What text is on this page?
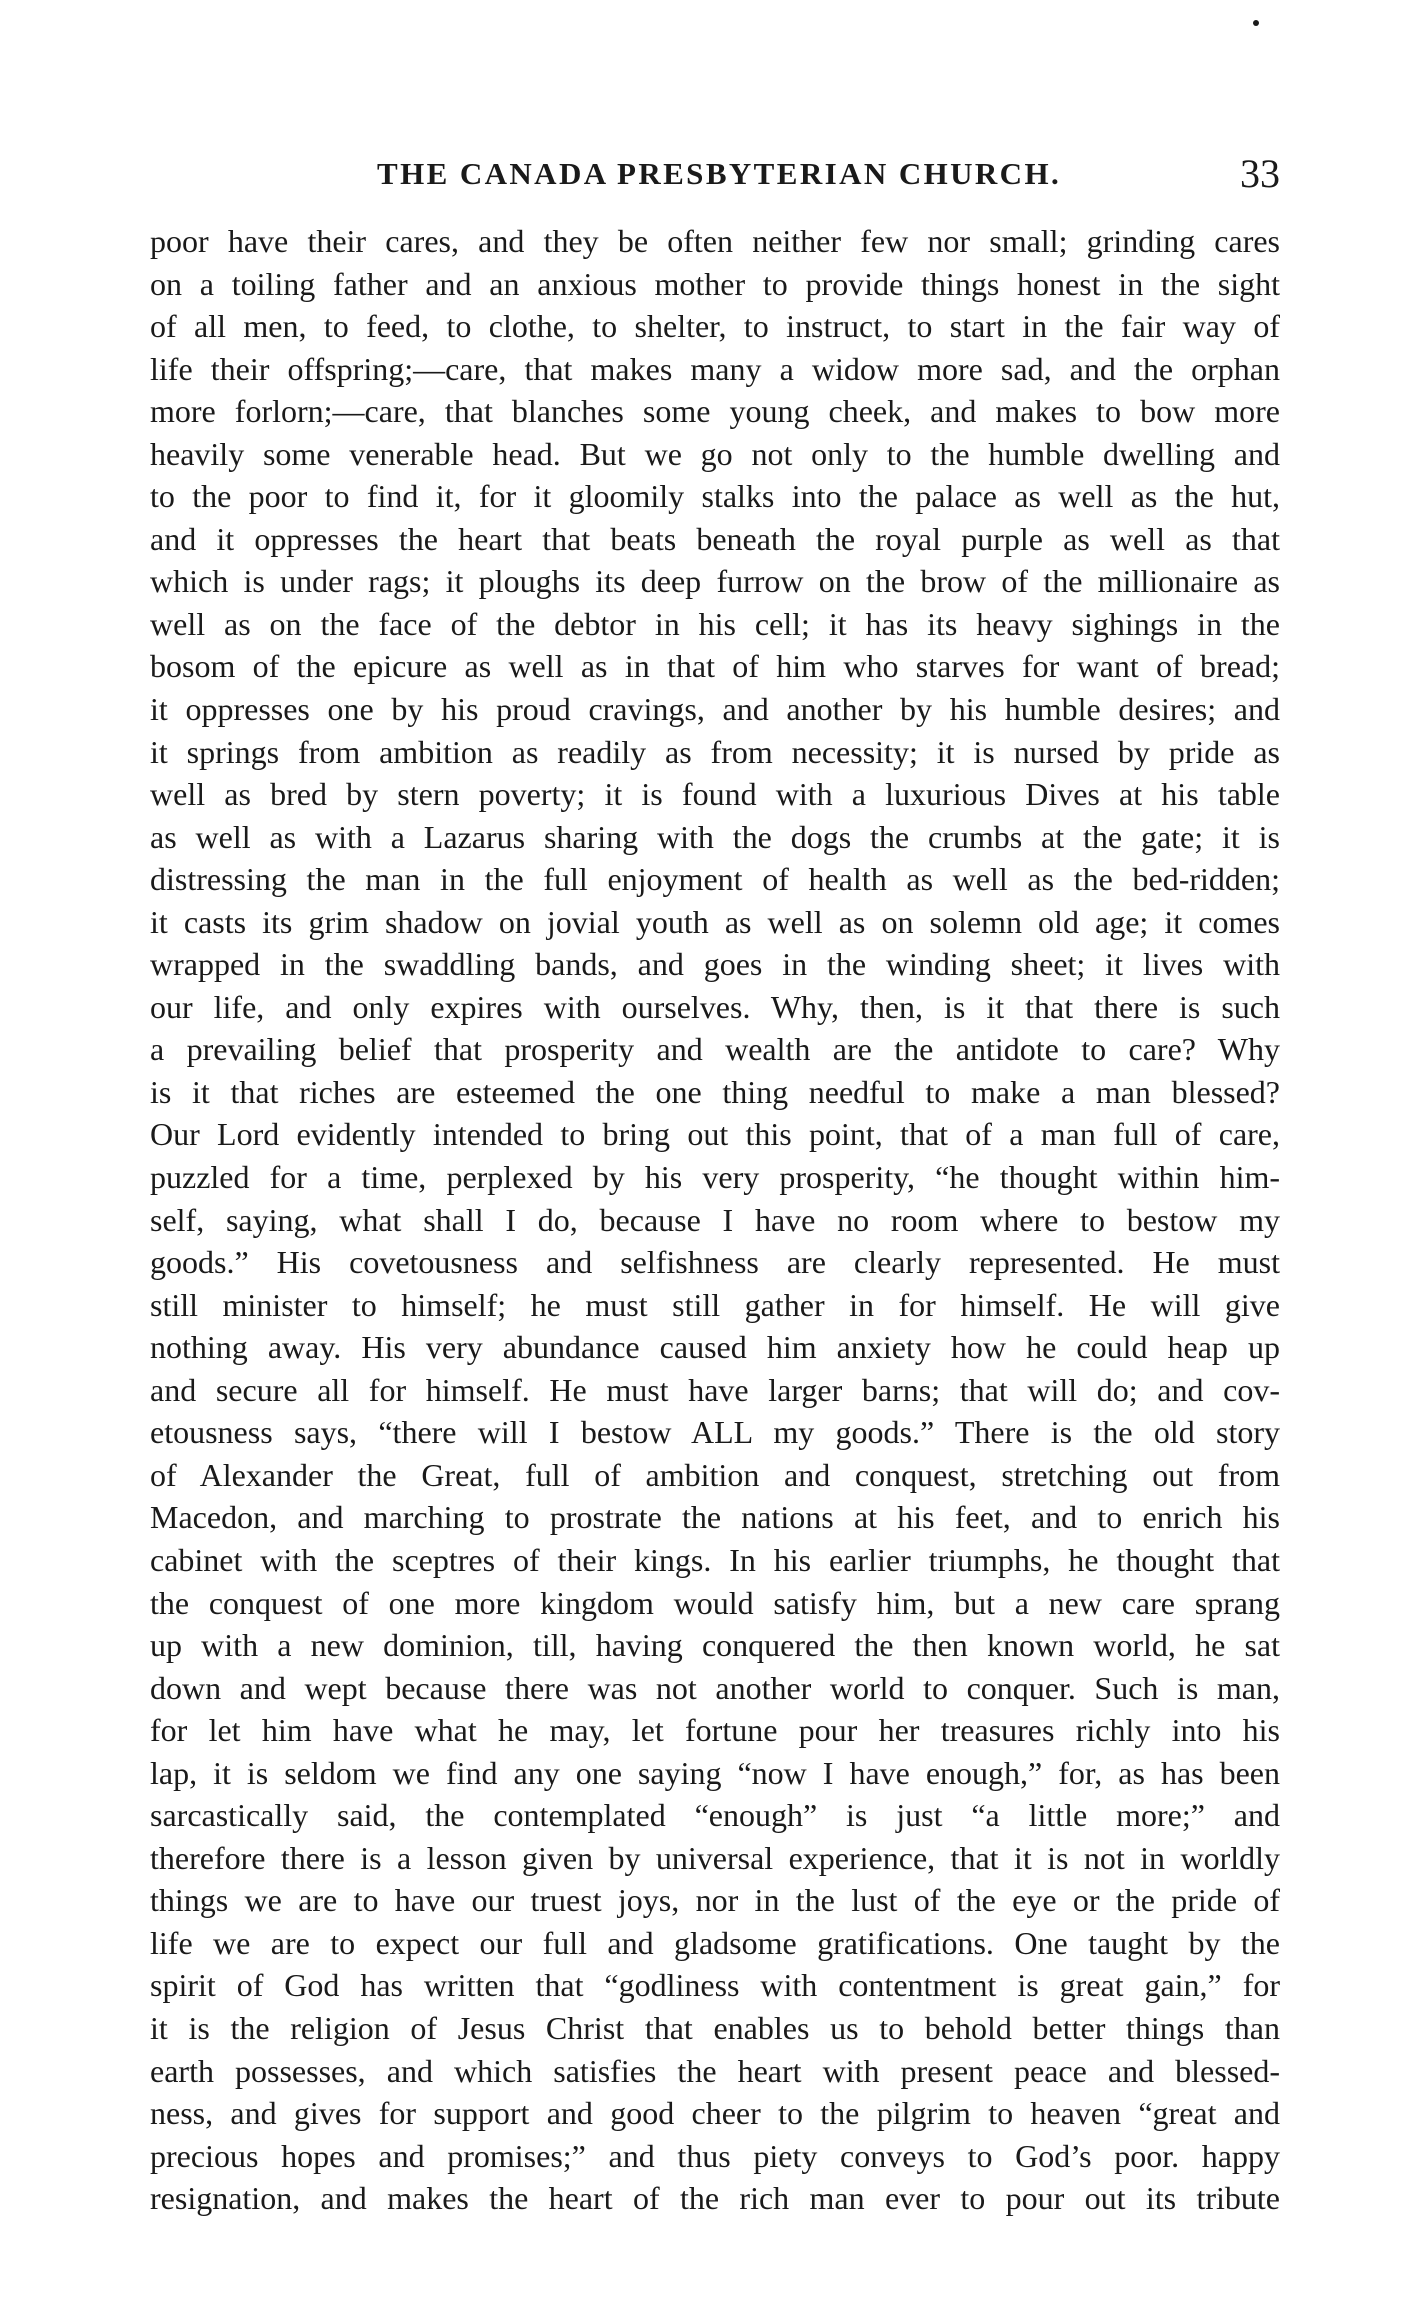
THE CANADA PRESBYTERIAN CHURCH.	33
poor have their cares, and they be often neither few nor small; grinding cares
on a toiling father and an anxious mother to provide things honest in the sight
of all men, to feed, to clothe, to shelter, to instruct, to start in the fair way of
life their offspring;—care, that makes many a widow more sad, and the orphan
more forlorn;—care, that blanches some young cheek, and makes to bow more
heavily some venerable head. But we go not only to the humble dwelling and
to the poor to find it, for it gloomily stalks into the palace as well as the hut,
and it oppresses the heart that beats beneath the royal purple as well as that
which is under rags; it ploughs its deep furrow on the brow of the millionaire as
well as on the face of the debtor in his cell; it has its heavy sighings in the
bosom of the epicure as well as in that of him who starves for want of bread;
it oppresses one by his proud cravings, and another by his humble desires; and
it springs from ambition as readily as from necessity; it is nursed by pride as
well as bred by stern poverty; it is found with a luxurious Dives at his table
as well as with a Lazarus sharing with the dogs the crumbs at the gate; it is
distressing the man in the full enjoyment of health as well as the bed-ridden;
it casts its grim shadow on jovial youth as well as on solemn old age; it comes
wrapped in the swaddling bands, and goes in the winding sheet; it lives with
our life, and only expires with ourselves. Why, then, is it that there is such
a prevailing belief that prosperity and wealth are the antidote to care? Why
is it that riches are esteemed the one thing needful to make a man blessed?
Our Lord evidently intended to bring out this point, that of a man full of care,
puzzled for a time, perplexed by his very prosperity, “he thought within him-
self, saying, what shall I do, because I have no room where to bestow my
goods.” His covetousness and selfishness are clearly represented. He must
still minister to himself; he must still gather in for himself. He will give
nothing away. His very abundance caused him anxiety how he could heap up
and secure all for himself. He must have larger barns; that will do; and cov-
etousness says, “there will I bestow ALL my goods.” There is the old story
of Alexander the Great, full of ambition and conquest, stretching out from
Macedon, and marching to prostrate the nations at his feet, and to enrich his
cabinet with the sceptres of their kings. In his earlier triumphs, he thought that
the conquest of one more kingdom would satisfy him, but a new care sprang
up with a new dominion, till, having conquered the then known world, he sat
down and wept because there was not another world to conquer. Such is man,
for let him have what he may, let fortune pour her treasures richly into his
lap, it is seldom we find any one saying “now I have enough,” for, as has been
sarcastically said, the contemplated “enough” is just “a little more;” and
therefore there is a lesson given by universal experience, that it is not in worldly
things we are to have our truest joys, nor in the lust of the eye or the pride of
life we are to expect our full and gladsome gratifications. One taught by the
spirit of God has written that “godliness with contentment is great gain,” for
it is the religion of Jesus Christ that enables us to behold better things than
earth possesses, and which satisfies the heart with present peace and blessed-
ness, and gives for support and good cheer to the pilgrim to heaven “great and
precious hopes and promises;” and thus piety conveys to God’s poor. happy
resignation, and makes the heart of the rich man ever to pour out its tribute
